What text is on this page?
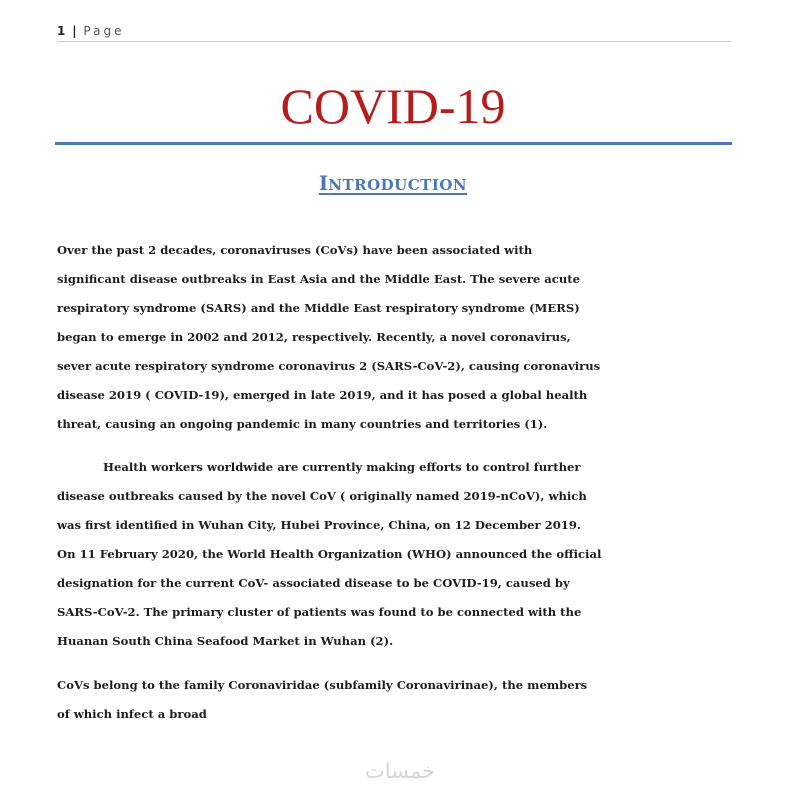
1 | Page
COVID-19
INTRODUCTION
Over the past 2 decades, coronaviruses (CoVs) have been associated with
significant disease outbreaks in East Asia and the Middle East. The severe acute
respiratory syndrome (SARS) and the Middle East respiratory syndrome (MERS)
began to emerge in 2002 and 2012, respectively. Recently, a novel coronavirus,
sever acute respiratory syndrome coronavirus 2 (SARS-CoV-2), causing coronavirus
disease 2019 ( COVID-19), emerged in late 2019, and it has posed a global health
threat, causing an ongoing pandemic in many countries and territories (1).
Health workers worldwide are currently making efforts to control further
disease outbreaks caused by the novel CoV ( originally named 2019-nCoV), which
was first identified in Wuhan City, Hubei Province, China, on 12 December 2019.
On 11 February 2020, the World Health Organization (WHO) announced the official
designation for the current CoV- associated disease to be COVID-19, caused by
SARS-CoV-2. The primary cluster of patients was found to be connected with the
Huanan South China Seafood Market in Wuhan (2).
CoVs belong to the family Coronaviridae (subfamily Coronavirinae), the members
of which infect a broad
خمسات
